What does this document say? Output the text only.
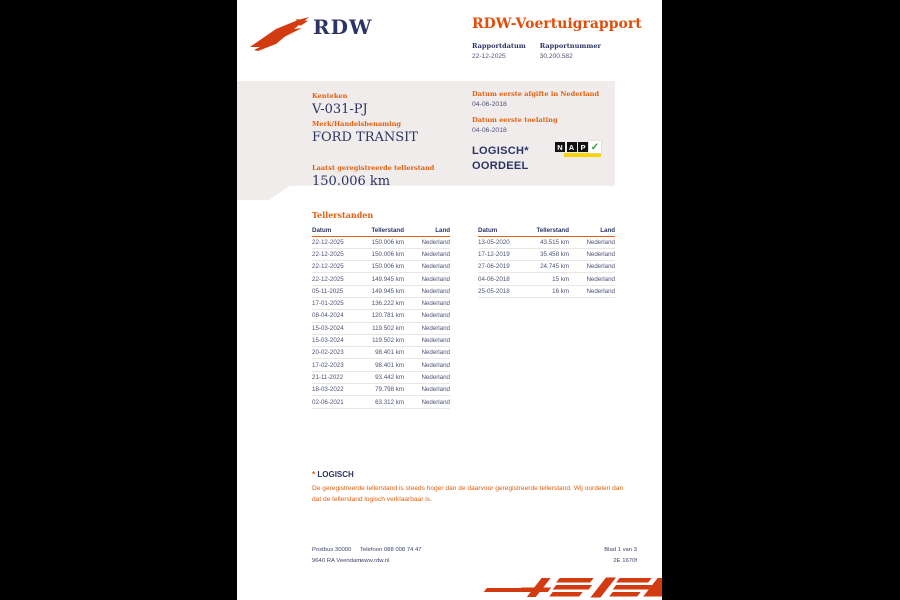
RDW	RDW-Voertuigrapport
Rapportdatum
22-12-2025
Rapportnummer
30.200.582
Kenteken
V-031-PJ
Merk/Handelsbenaming
FORD TRANSIT
Laatst geregistreerde tellerstand
150.006 km
Datum eerste afgifte in Nederland
04-06-2018
Datum eerste toelating
04-06-2018
LOGISCH*
OORDEEL
N A P ✓
Tellerstanden
Datum	Tellerstand	Land
22-12-2025	150.006 km	Nederland
22-12-2025	150.006 km	Nederland
22-12-2025	150.006 km	Nederland
22-12-2025	149.945 km	Nederland
05-11-2025	149.945 km	Nederland
17-01-2025	136.222 km	Nederland
08-04-2024	120.781 km	Nederland
15-03-2024	119.502 km	Nederland
15-03-2024	119.502 km	Nederland
20-02-2023	98.401 km	Nederland
17-02-2023	98.401 km	Nederland
21-11-2022	93.442 km	Nederland
18-03-2022	79.798 km	Nederland
02-06-2021	63.312 km	Nederland
Datum	Tellerstand	Land
13-05-2020	43.515 km	Nederland
17-12-2019	35.458 km	Nederland
27-06-2019	24.745 km	Nederland
04-06-2018	15 km	Nederland
25-05-2018	16 km	Nederland
* LOGISCH
De geregistreerde tellerstand is steeds hoger dan de daarvoor geregistreerde tellerstand. Wij oordelen dan
dat de tellerstand logisch verklaarbaar is.
Postbus 30000
9640 RA Veendam
Telefoon 088 008 74 47
www.rdw.nl
Blad 1 van 3
2E 1670f
